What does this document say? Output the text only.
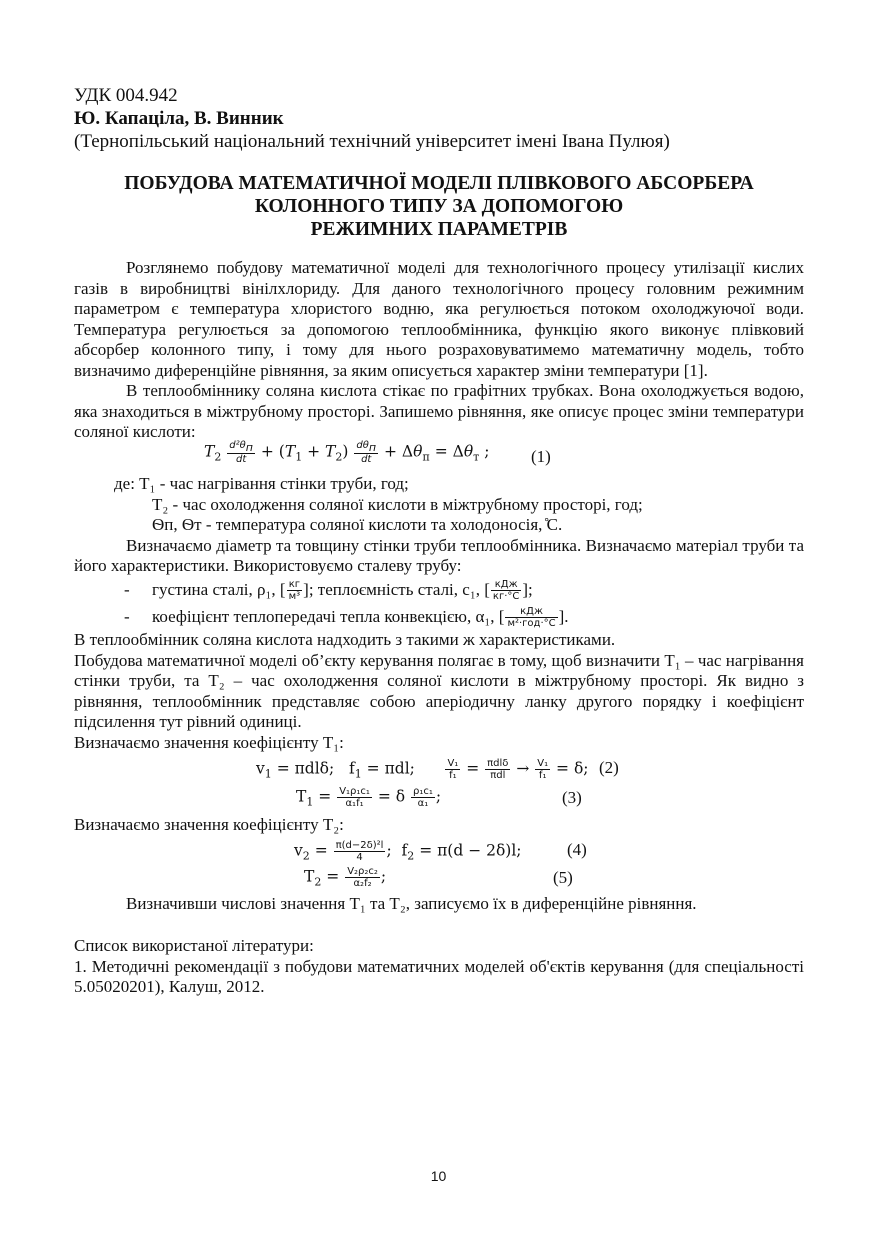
УДК 004.942
Ю. Капаціла, В. Винник
(Тернопільський національний технічний університет імені Івана Пулюя)
ПОБУДОВА МАТЕМАТИЧНОЇ МОДЕЛІ ПЛІВКОВОГО АБСОРБЕРА
КОЛОННОГО ТИПУ ЗА ДОПОМОГОЮ
РЕЖИМНИХ ПАРАМЕТРІВ

Розглянемо побудову математичної моделі для технологічного процесу утилізації кислих газів в виробництві вінілхлориду. Для даного технологічного процесу головним режимним параметром є температура хлористого водню, яка регулюється потоком охолоджуючої води. Температура регулюється за допомогою теплообмінника, функцію якого виконує плівковий абсорбер колонного типу, і тому для нього розраховуватимемо математичну модель, тобто визначимо диференційне рівняння, за яким описується характер зміни температури [1].

В теплообміннику соляна кислота стікає по графітних трубках. Вона охолоджується водою, яка знаходиться в міжтрубному просторі. Запишемо рівняння, яке описує процес зміни температури соляної кислоти:

$T_2 \frac{d^2\theta_п}{dt} + (T_1 + T_2) \frac{d\theta_п}{dt} + \Delta\theta_п = \Delta\theta_т$ ; (1)
де: Т₁ - час нагрівання стінки труби, год;
Т₂ - час охолодження соляної кислоти в міжтрубному просторі, год;
Ѳп, Ѳт - температура соляної кислоти та холодоносія, ̊С.

Визначаємо діаметр та товщину стінки труби теплообмінника. Визначаємо матеріал труби та його характеристики. Використовуємо сталеву трубу:

- густина сталі, ρ₁, [ $\frac{кг}{\text{м³}}$ ]; теплоємність сталі, с₁, [ $\frac{\text{кДж}}{кг\cdot^\circ С}$ ];
- коефіцієнт теплопередачі тепла конвекцією, α₁, [ $\frac{\text{кДж}}{\text{м²·год·°С}}$ ].
В теплообмінник соляна кислота надходить з такими ж характеристиками.

Побудова математичної моделі об’єкту керування полягає в тому, щоб визначити Т₁ – час нагрівання стінки труби, та Т₂ – час охолодження соляної кислоти в міжтрубному просторі. Як видно з рівняння, теплообмінник представляє собою аперіодичну ланку другого порядку і коефіцієнт підсилення тут рівний одиниці.

Визначаємо значення коефіцієнту Т₁:
$v_1 = \pi dl\delta$;   $f_1 = \pi dl$; $\frac{\text{V₁}}{\text{f₁}} = \frac{\text{πdlδ}}{\text{πdl}} \to \frac{\text{V₁}}{\text{f₁}} = \delta$; (2)
$T_1 = \frac{\text{V₁ρ₁c₁}}{\text{α₁f₁}} = \delta \frac{\text{ρ₁c₁}}{\text{α₁}}$ ;	(3)
Визначаємо значення коефіцієнту Т₂:
$v_2 = \frac{\text{π(d−2δ)²l}}{4}$ ;  $f_2 = \pi(d - 2\delta)l$;	(4)
$T_2 = \frac{\text{V₂ρ₂c₂}}{\text{α₂f₂}}$ ;	(5)

Визначивши числові значення Т₁ та Т₂, записуємо їх в диференційне рівняння.

Список використаної літератури:

1. Методичні рекомендації з побудови математичних моделей об'єктів керування (для спеціальності 5.05020201), Калуш, 2012.

10
